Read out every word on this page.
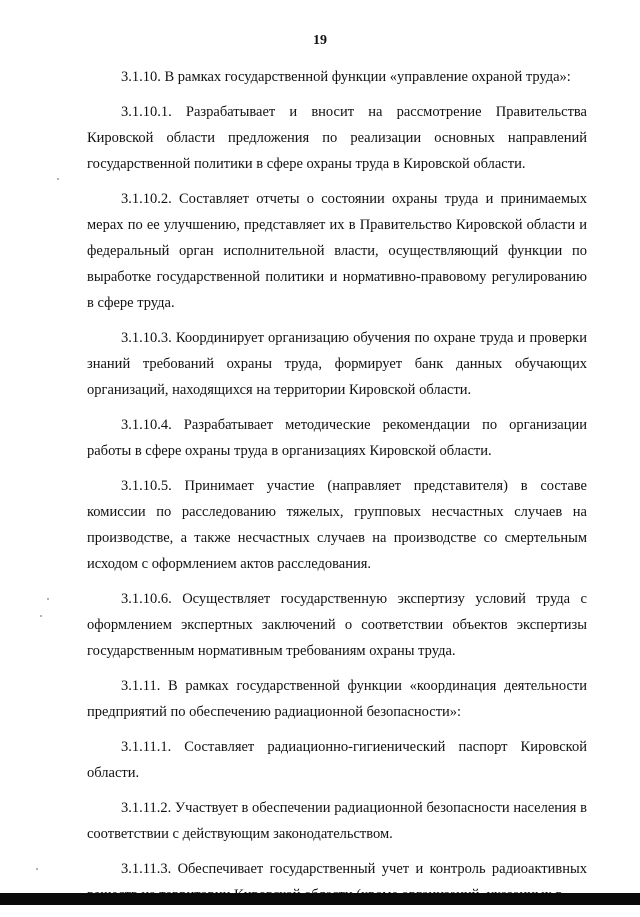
19

3.1.10. В рамках государственной функции «управление охраной труда»:

3.1.10.1. Разрабатывает и вносит на рассмотрение Правительства Кировской области предложения по реализации основных направлений государственной политики в сфере охраны труда в Кировской области.

3.1.10.2. Составляет отчеты о состоянии охраны труда и принимаемых мерах по ее улучшению, представляет их в Правительство Кировской области и федеральный орган исполнительной власти, осуществляющий функции по выработке государственной политики и нормативно-правовому регулированию в сфере труда.

3.1.10.3. Координирует организацию обучения по охране труда и проверки знаний требований охраны труда, формирует банк данных обучающих организаций, находящихся на территории Кировской области.

3.1.10.4. Разрабатывает методические рекомендации по организации работы в сфере охраны труда в организациях Кировской области.

3.1.10.5. Принимает участие (направляет представителя) в составе комиссии по расследованию тяжелых, групповых несчастных случаев на производстве, а также несчастных случаев на производстве со смертельным исходом с оформлением актов расследования.

3.1.10.6. Осуществляет государственную экспертизу условий труда с оформлением экспертных заключений о соответствии объектов экспертизы государственным нормативным требованиям охраны труда.

3.1.11. В рамках государственной функции «координация деятельности предприятий по обеспечению радиационной безопасности»:

3.1.11.1. Составляет радиационно-гигиенический паспорт Кировской области.

3.1.11.2. Участвует в обеспечении радиационной безопасности населения в соответствии с действующим законодательством.

3.1.11.3. Обеспечивает государственный учет и контроль радиоактивных
